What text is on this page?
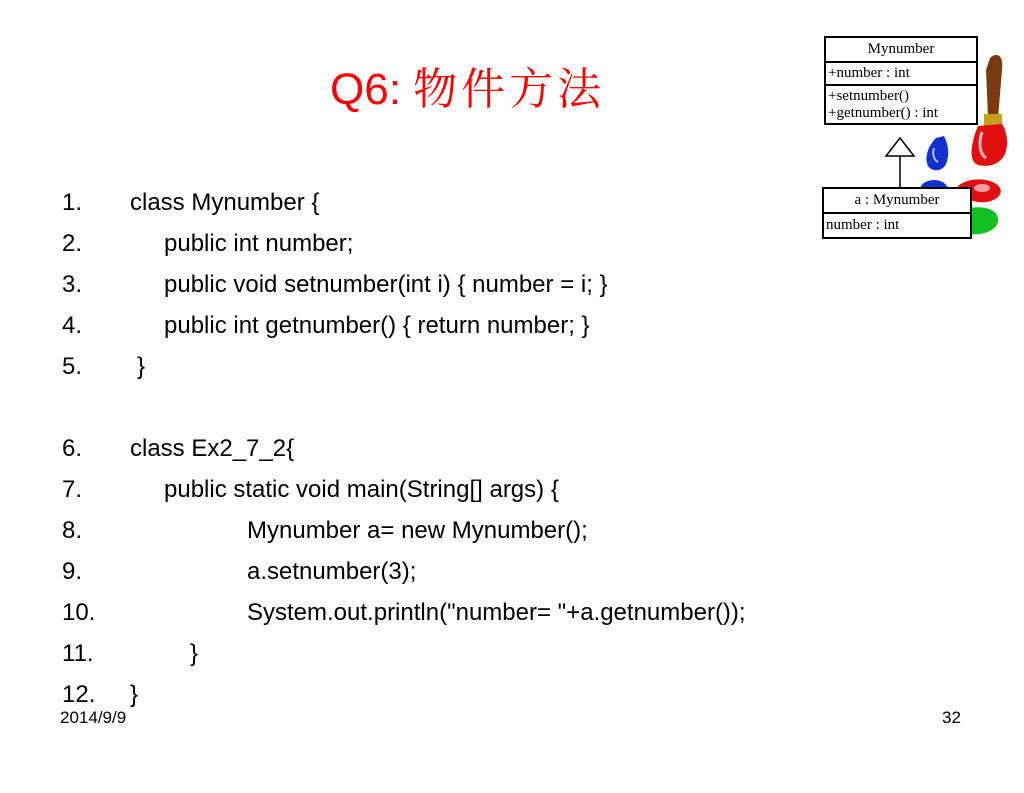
Q6: 物件方法

1.

class Mynumber {

2.

	public int number;

3.

	public void setnumber(int i) { number = i; }

4.

	public int getnumber() { return number; }

5.

}

6.

class Ex2_7_2{

7.

	public static void main(String[] args) {

8.

	Mynumber a= new Mynumber();

9.

	a.setnumber(3);

10.

	System.out.println("number= "+a.getnumber());

11.

	}

12.

}

Mynumber
+number : int
+setnumber()
+getnumber() : int
a : Mynumber
number : int
2014/9/9	32
